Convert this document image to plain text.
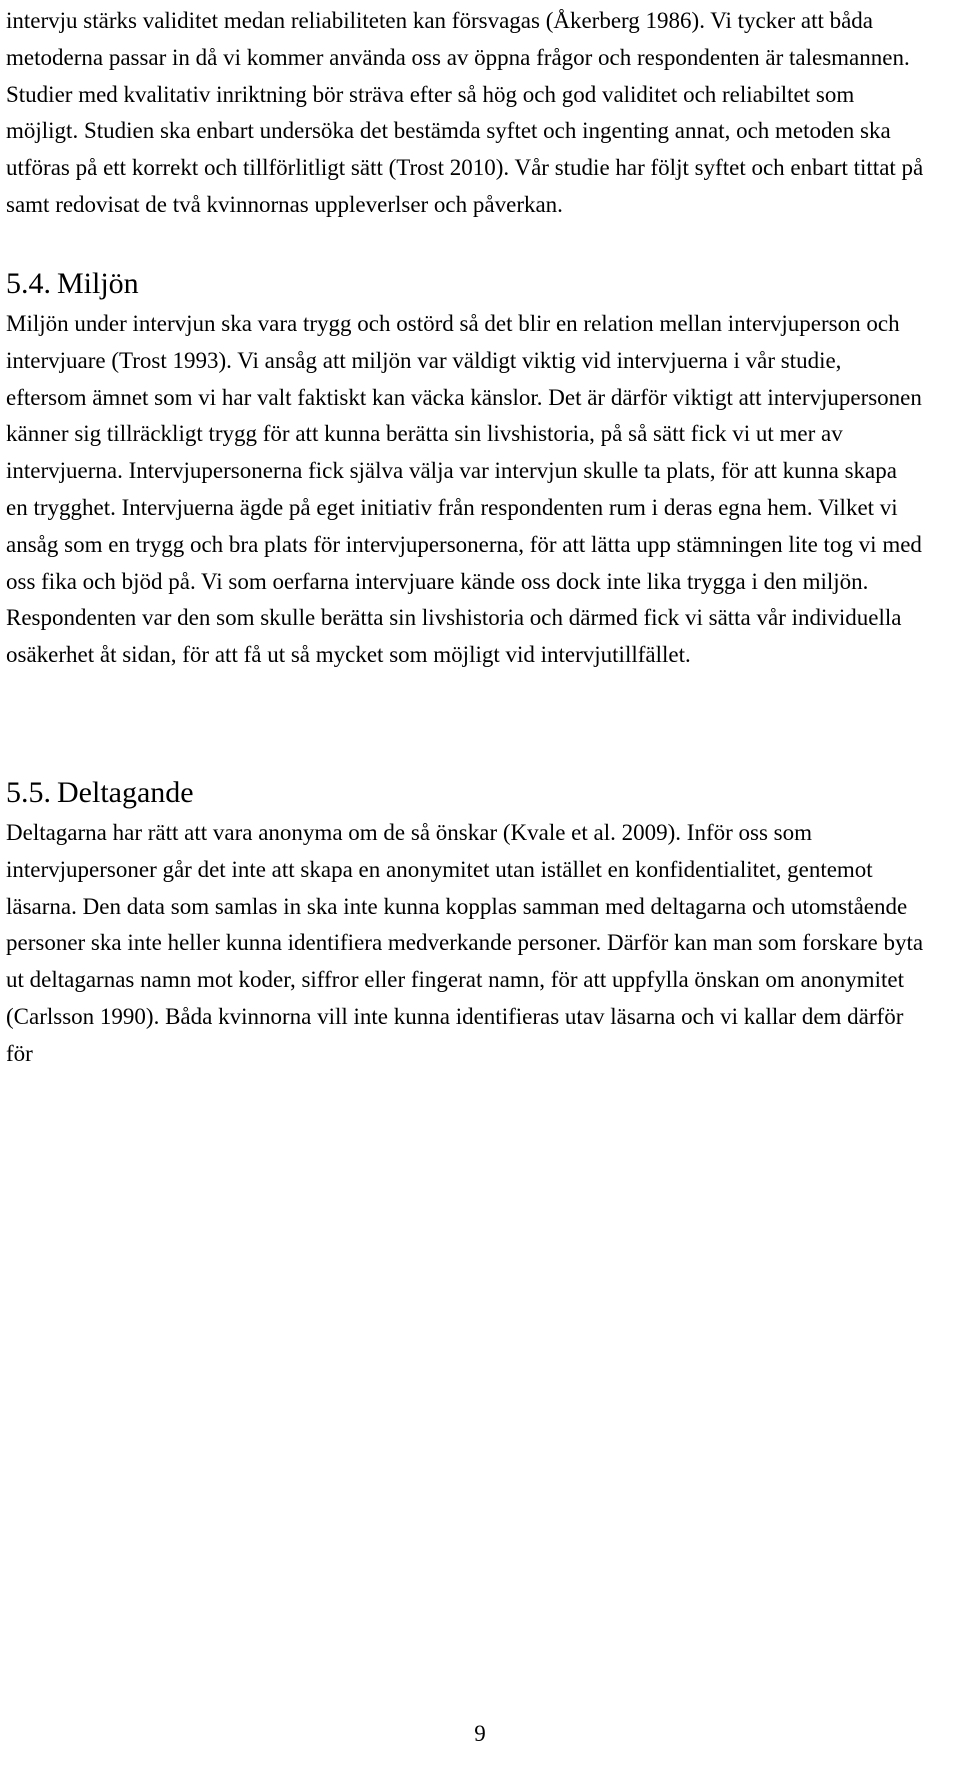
intervju stärks validitet medan reliabiliteten kan försvagas (Åkerberg 1986). Vi tycker att båda metoderna passar in då vi kommer använda oss av öppna frågor och respondenten är talesmannen. Studier med kvalitativ inriktning bör sträva efter så hög och god validitet och reliabiltet som möjligt. Studien ska enbart undersöka det bestämda syftet och ingenting annat, och metoden ska utföras på ett korrekt och tillförlitligt sätt (Trost 2010). Vår studie har följt syftet och enbart tittat på samt redovisat de två kvinnornas uppleverlser och påverkan.

5.4. Miljön

Miljön under intervjun ska vara trygg och ostörd så det blir en relation mellan intervjuperson och intervjuare (Trost 1993). Vi ansåg att miljön var väldigt viktig vid intervjuerna i vår studie, eftersom ämnet som vi har valt faktiskt kan väcka känslor. Det är därför viktigt att intervjupersonen känner sig tillräckligt trygg för att kunna berätta sin livshistoria, på så sätt fick vi ut mer av intervjuerna. Intervjupersonerna fick själva välja var intervjun skulle ta plats, för att kunna skapa en trygghet. Intervjuerna ägde på eget initiativ från respondenten rum i deras egna hem. Vilket vi ansåg som en trygg och bra plats för intervjupersonerna, för att lätta upp stämningen lite tog vi med oss fika och bjöd på. Vi som oerfarna intervjuare kände oss dock inte lika trygga i den miljön. Respondenten var den som skulle berätta sin livshistoria och därmed fick vi sätta vår individuella osäkerhet åt sidan, för att få ut så mycket som möjligt vid intervjutillfället.

5.5. Deltagande

Deltagarna har rätt att vara anonyma om de så önskar (Kvale et al. 2009). Inför oss som intervjupersoner går det inte att skapa en anonymitet utan istället en konfidentialitet, gentemot läsarna. Den data som samlas in ska inte kunna kopplas samman med deltagarna och utomstående personer ska inte heller kunna identifiera medverkande personer. Därför kan man som forskare byta ut deltagarnas namn mot koder, siffror eller fingerat namn, för att uppfylla önskan om anonymitet (Carlsson 1990). Båda kvinnorna vill inte kunna identifieras utav läsarna och vi kallar dem därför för

9
